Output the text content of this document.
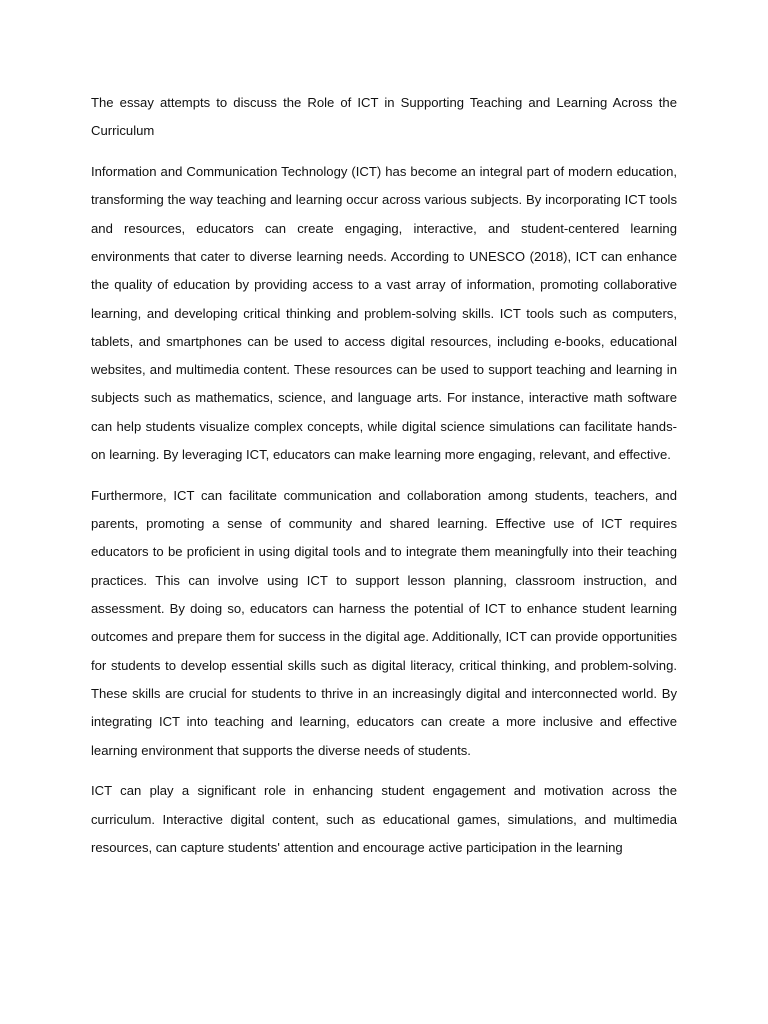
The essay attempts to discuss the Role of ICT in Supporting Teaching and Learning Across the Curriculum

Information and Communication Technology (ICT) has become an integral part of modern education, transforming the way teaching and learning occur across various subjects. By incorporating ICT tools and resources, educators can create engaging, interactive, and student-centered learning environments that cater to diverse learning needs. According to UNESCO (2018), ICT can enhance the quality of education by providing access to a vast array of information, promoting collaborative learning, and developing critical thinking and problem-solving skills. ICT tools such as computers, tablets, and smartphones can be used to access digital resources, including e-books, educational websites, and multimedia content. These resources can be used to support teaching and learning in subjects such as mathematics, science, and language arts. For instance, interactive math software can help students visualize complex concepts, while digital science simulations can facilitate hands-on learning. By leveraging ICT, educators can make learning more engaging, relevant, and effective.

Furthermore, ICT can facilitate communication and collaboration among students, teachers, and parents, promoting a sense of community and shared learning. Effective use of ICT requires educators to be proficient in using digital tools and to integrate them meaningfully into their teaching practices. This can involve using ICT to support lesson planning, classroom instruction, and assessment. By doing so, educators can harness the potential of ICT to enhance student learning outcomes and prepare them for success in the digital age. Additionally, ICT can provide opportunities for students to develop essential skills such as digital literacy, critical thinking, and problem-solving. These skills are crucial for students to thrive in an increasingly digital and interconnected world. By integrating ICT into teaching and learning, educators can create a more inclusive and effective learning environment that supports the diverse needs of students.

ICT can play a significant role in enhancing student engagement and motivation across the curriculum. Interactive digital content, such as educational games, simulations, and multimedia resources, can capture students' attention and encourage active participation in the learning
